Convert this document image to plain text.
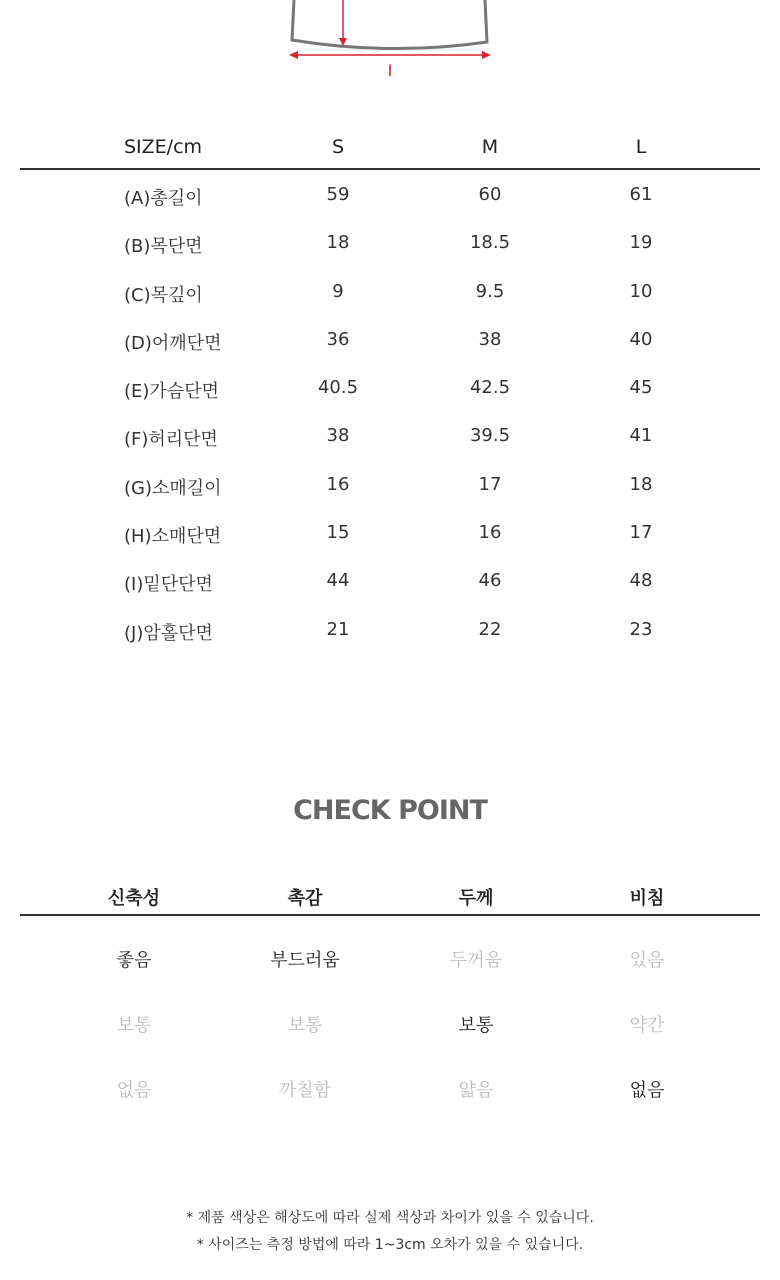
I
SIZE/cm	S	M	L
(A)총길이	59	60	61
(B)목단면	18	18.5	19
(C)목깊이	9	9.5	10
(D)어깨단면	36	38	40
(E)가슴단면	40.5	42.5	45
(F)허리단면	38	39.5	41
(G)소매길이	16	17	18
(H)소매단면	15	16	17
(I)밑단단면	44	46	48
(J)암홀단면	21	22	23
CHECK POINT
신축성	촉감	두께	비침
좋음	부드러움	두꺼움	있음
보통	보통	보통	약간
없음	까칠함	얇음	없음
* 제품 색상은 해상도에 따라 실제 색상과 차이가 있을 수 있습니다.
* 사이즈는 측정 방법에 따라 1~3cm 오차가 있을 수 있습니다.
